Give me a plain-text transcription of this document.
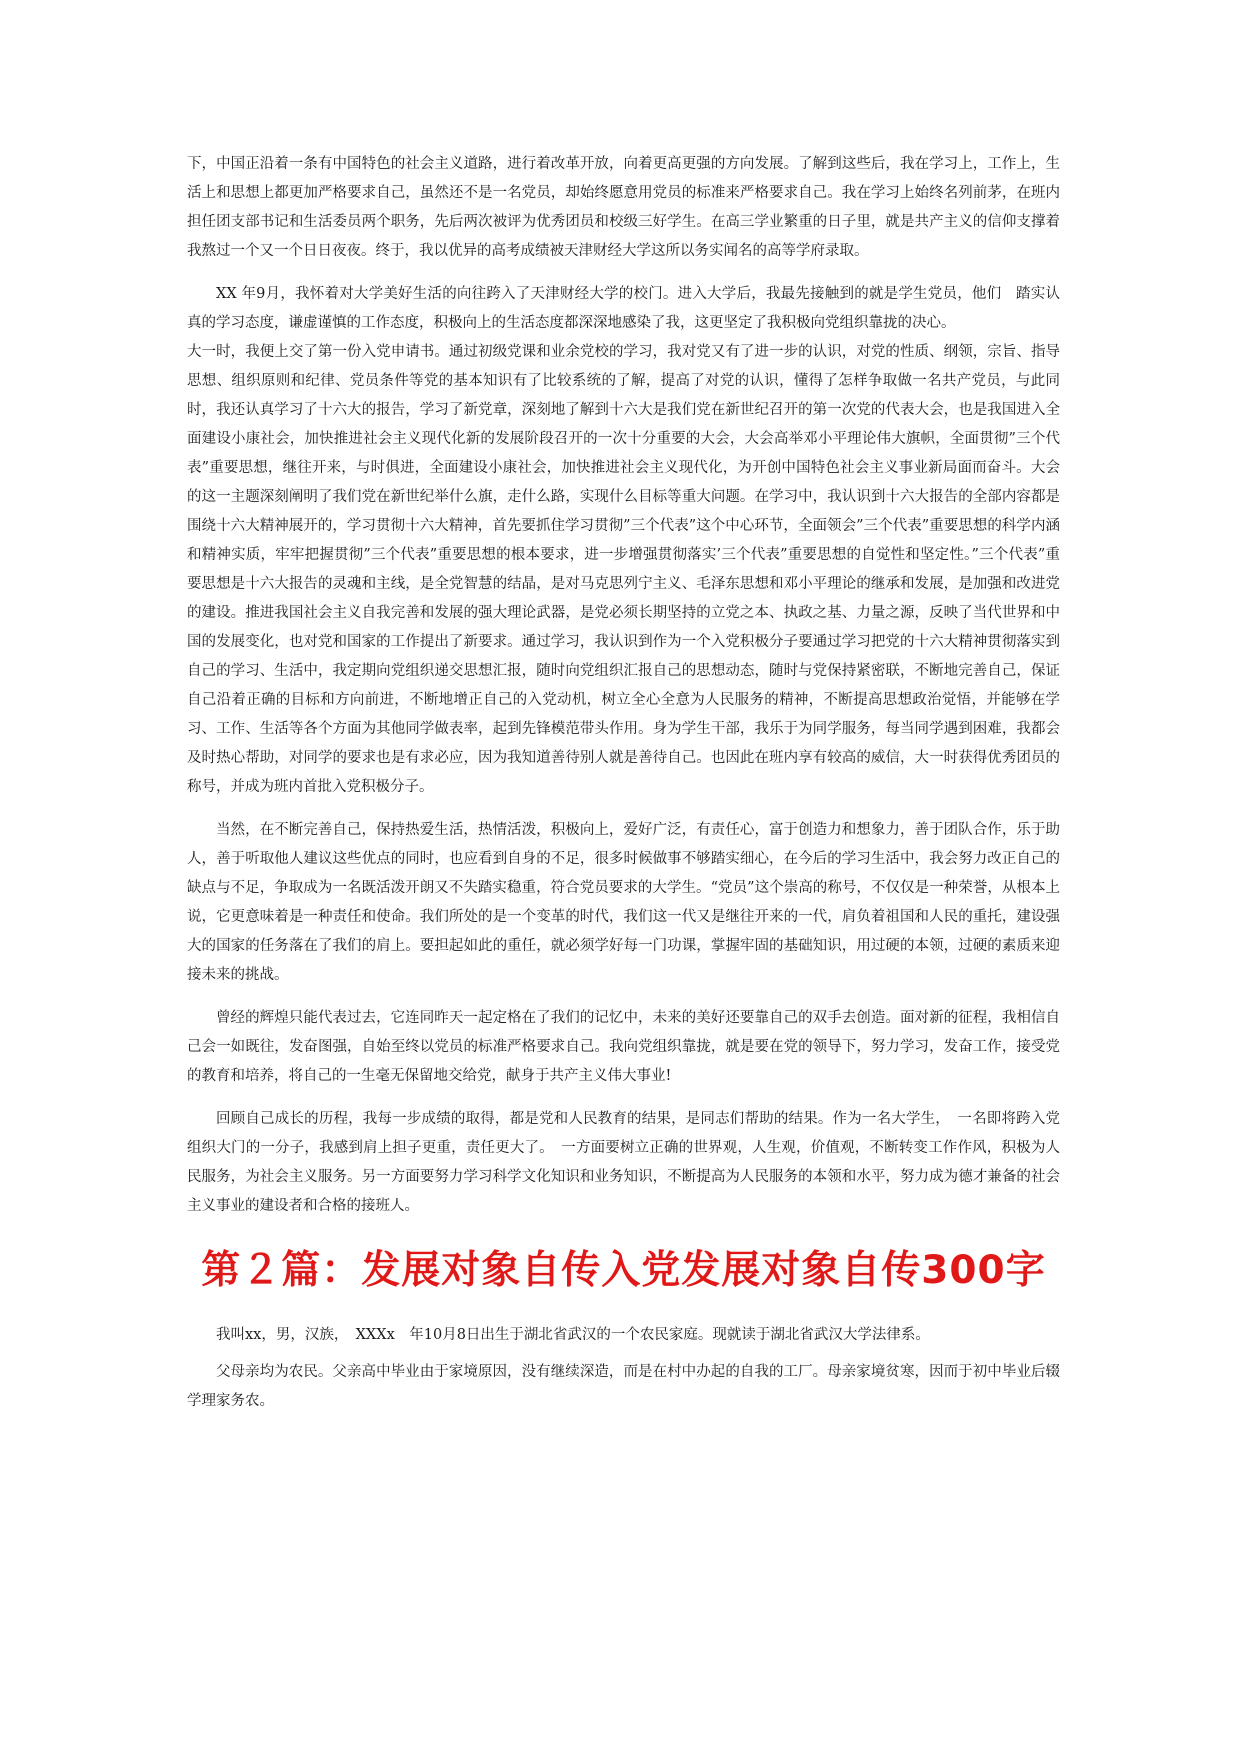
下，中国正沿着一条有中国特色的社会主义道路，进行着改革开放，向着更高更强的方向发展。了解到这些后，我在学习上，工作上，生活上和思想上都更加严格要求自己，虽然还不是一名党员，却始终愿意用党员的标准来严格要求自己。我在学习上始终名列前茅，在班内担任团支部书记和生活委员两个职务，先后两次被评为优秀团员和校级三好学生。在高三学业繁重的日子里，就是共产主义的信仰支撑着我熬过一个又一个日日夜夜。终于，我以优异的高考成绩被天津财经大学这所以务实闻名的高等学府录取。

XX 年9月，我怀着对大学美好生活的向往跨入了天津财经大学的校门。进入大学后，我最先接触到的就是学生党员，他们　踏实认真的学习态度，谦虚谨慎的工作态度，积极向上的生活态度都深深地感染了我，这更坚定了我积极向党组织靠拢的决心。

大一时，我便上交了第一份入党申请书。通过初级党课和业余党校的学习，我对党又有了进一步的认识，对党的性质、纲领，宗旨、指导思想、组织原则和纪律、党员条件等党的基本知识有了比较系统的了解，提高了对党的认识，懂得了怎样争取做一名共产党员，与此同时，我还认真学习了十六大的报告，学习了新党章，深刻地了解到十六大是我们党在新世纪召开的第一次党的代表大会，也是我国进入全面建设小康社会，加快推进社会主义现代化新的发展阶段召开的一次十分重要的大会，大会高举邓小平理论伟大旗帜，全面贯彻”三个代表”重要思想，继往开来，与时俱进，全面建设小康社会，加快推进社会主义现代化，为开创中国特色社会主义事业新局面而奋斗。大会的这一主题深刻阐明了我们党在新世纪举什么旗，走什么路，实现什么目标等重大问题。在学习中，我认识到十六大报告的全部内容都是围绕十六大精神展开的，学习贯彻十六大精神，首先要抓住学习贯彻”三个代表”这个中心环节，全面领会”三个代表”重要思想的科学内涵和精神实质，牢牢把握贯彻”三个代表”重要思想的根本要求，进一步增强贯彻落实’三个代表”重要思想的自觉性和坚定性。”三个代表”重要思想是十六大报告的灵魂和主线，是全党智慧的结晶，是对马克思列宁主义、毛泽东思想和邓小平理论的继承和发展，是加强和改进党的建设。推进我国社会主义自我完善和发展的强大理论武器，是党必须长期坚持的立党之本、执政之基、力量之源，反映了当代世界和中国的发展变化，也对党和国家的工作提出了新要求。通过学习，我认识到作为一个入党积极分子要通过学习把党的十六大精神贯彻落实到自己的学习、生活中，我定期向党组织递交思想汇报，随时向党组织汇报自己的思想动态，随时与党保持紧密联，不断地完善自己，保证自己沿着正确的目标和方向前进，不断地增正自己的入党动机，树立全心全意为人民服务的精神，不断提高思想政治觉悟，并能够在学习、工作、生活等各个方面为其他同学做表率，起到先锋模范带头作用。身为学生干部，我乐于为同学服务，每当同学遇到困难，我都会及时热心帮助，对同学的要求也是有求必应，因为我知道善待别人就是善待自己。也因此在班内享有较高的威信，大一时获得优秀团员的称号，并成为班内首批入党积极分子。

当然，在不断完善自己，保持热爱生活，热情活泼，积极向上，爱好广泛，有责任心，富于创造力和想象力，善于团队合作，乐于助人，善于听取他人建议这些优点的同时，也应看到自身的不足，很多时候做事不够踏实细心，在今后的学习生活中，我会努力改正自己的缺点与不足，争取成为一名既活泼开朗又不失踏实稳重，符合党员要求的大学生。“党员”这个崇高的称号，不仅仅是一种荣誉，从根本上说，它更意味着是一种责任和使命。我们所处的是一个变革的时代，我们这一代又是继往开来的一代，肩负着祖国和人民的重托，建设强大的国家的任务落在了我们的肩上。要担起如此的重任，就必须学好每一门功课，掌握牢固的基础知识，用过硬的本领，过硬的素质来迎接未来的挑战。

曾经的辉煌只能代表过去，它连同昨天一起定格在了我们的记忆中，未来的美好还要靠自己的双手去创造。面对新的征程，我相信自己会一如既往，发奋图强，自始至终以党员的标准严格要求自己。我向党组织靠拢，就是要在党的领导下，努力学习，发奋工作，接受党的教育和培养，将自己的一生毫无保留地交给党，献身于共产主义伟大事业!

回顾自己成长的历程，我每一步成绩的取得，都是党和人民教育的结果，是同志们帮助的结果。作为一名大学生，　一名即将跨入党组织大门的一分子，我感到肩上担子更重，责任更大了。　一方面要树立正确的世界观，人生观，价值观，不断转变工作作风，积极为人民服务，为社会主义服务。另一方面要努力学习科学文化知识和业务知识，不断提高为人民服务的本领和水平，努力成为德才兼备的社会主义事业的建设者和合格的接班人。

第２篇：发展对象自传入党发展对象自传300字

我叫xx，男，汉族，　XXXx　年10月8日出生于湖北省武汉的一个农民家庭。现就读于湖北省武汉大学法律系。

父母亲均为农民。父亲高中毕业由于家境原因，没有继续深造，而是在村中办起的自我的工厂。母亲家境贫寒，因而于初中毕业后辍学理家务农。
